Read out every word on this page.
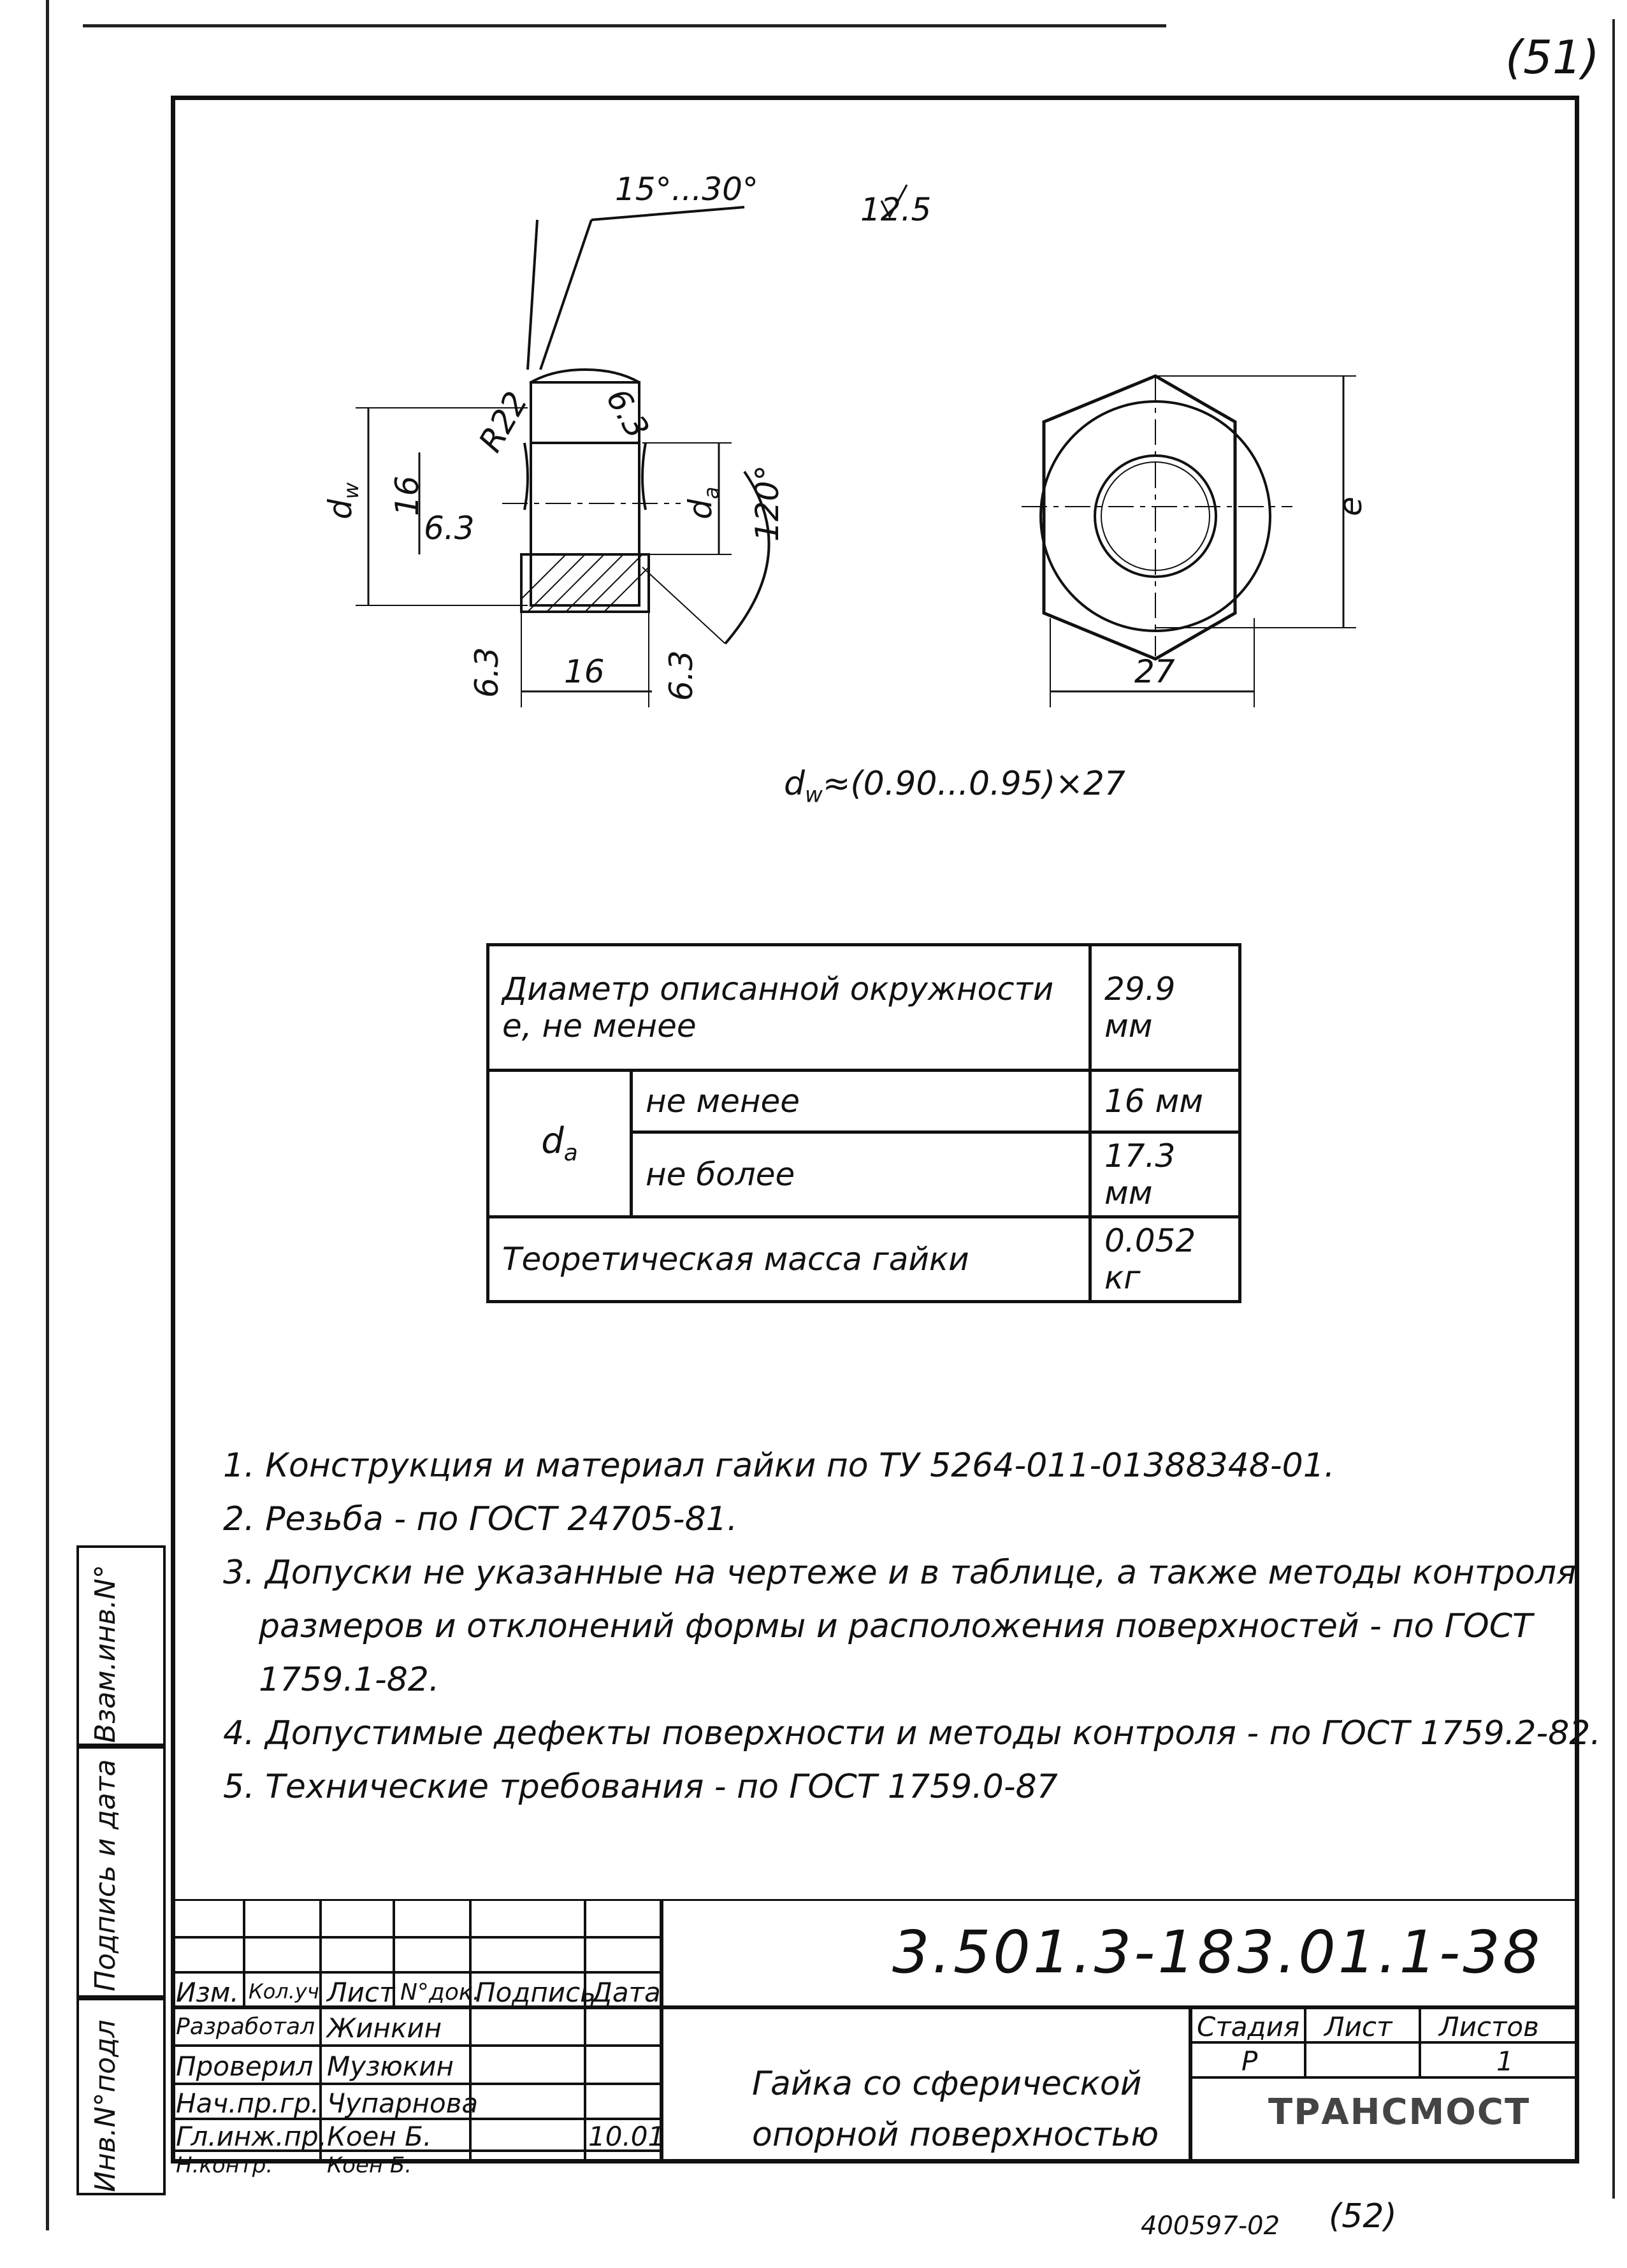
(51)
15°...30°
12.5
R22 6.3
6.3
6.3	6.3
$d_w$ 16	$d_a$ 120°
16	27
e
$d_w\approx(0.90...0.95)\times 27$
Диаметр описанной окружности е, не менее		29.9 мм
$d_a$	не менее	16 мм
	не более	17.3 мм
Теоретическая масса гайки		0.052 кг
1. Конструкция и материал гайки по ТУ 5264-011-01388348-01.
2. Резьба - по ГОСТ 24705-81.
3. Допуски не указанные на чертеже и в таблице, а также методы контроля
размеров и отклонений формы и расположения поверхностей - по ГОСТ 1759.1-82.
4. Допустимые дефекты поверхности и методы контроля - по ГОСТ 1759.2-82.
5. Технические требования - по ГОСТ 1759.0-87
Взам.инв.N°
Подпись и дата
Инв.N°подл
Изм. Кол.уч Лист N°док.
Подпись
Дата
Разработал Жинкин
Проверил Музюкин
Нач.пр.гр. Чупарнова
Гл.инж.пр. Коен Б.	10.01
Н.контр. Коен Б.
Стадия Лист Листов
Р	1
3.501.3-183.01.1-38
Гайка со сферической
опорной поверхностью
ТРАНСМОСТ
400597-02 (52)
